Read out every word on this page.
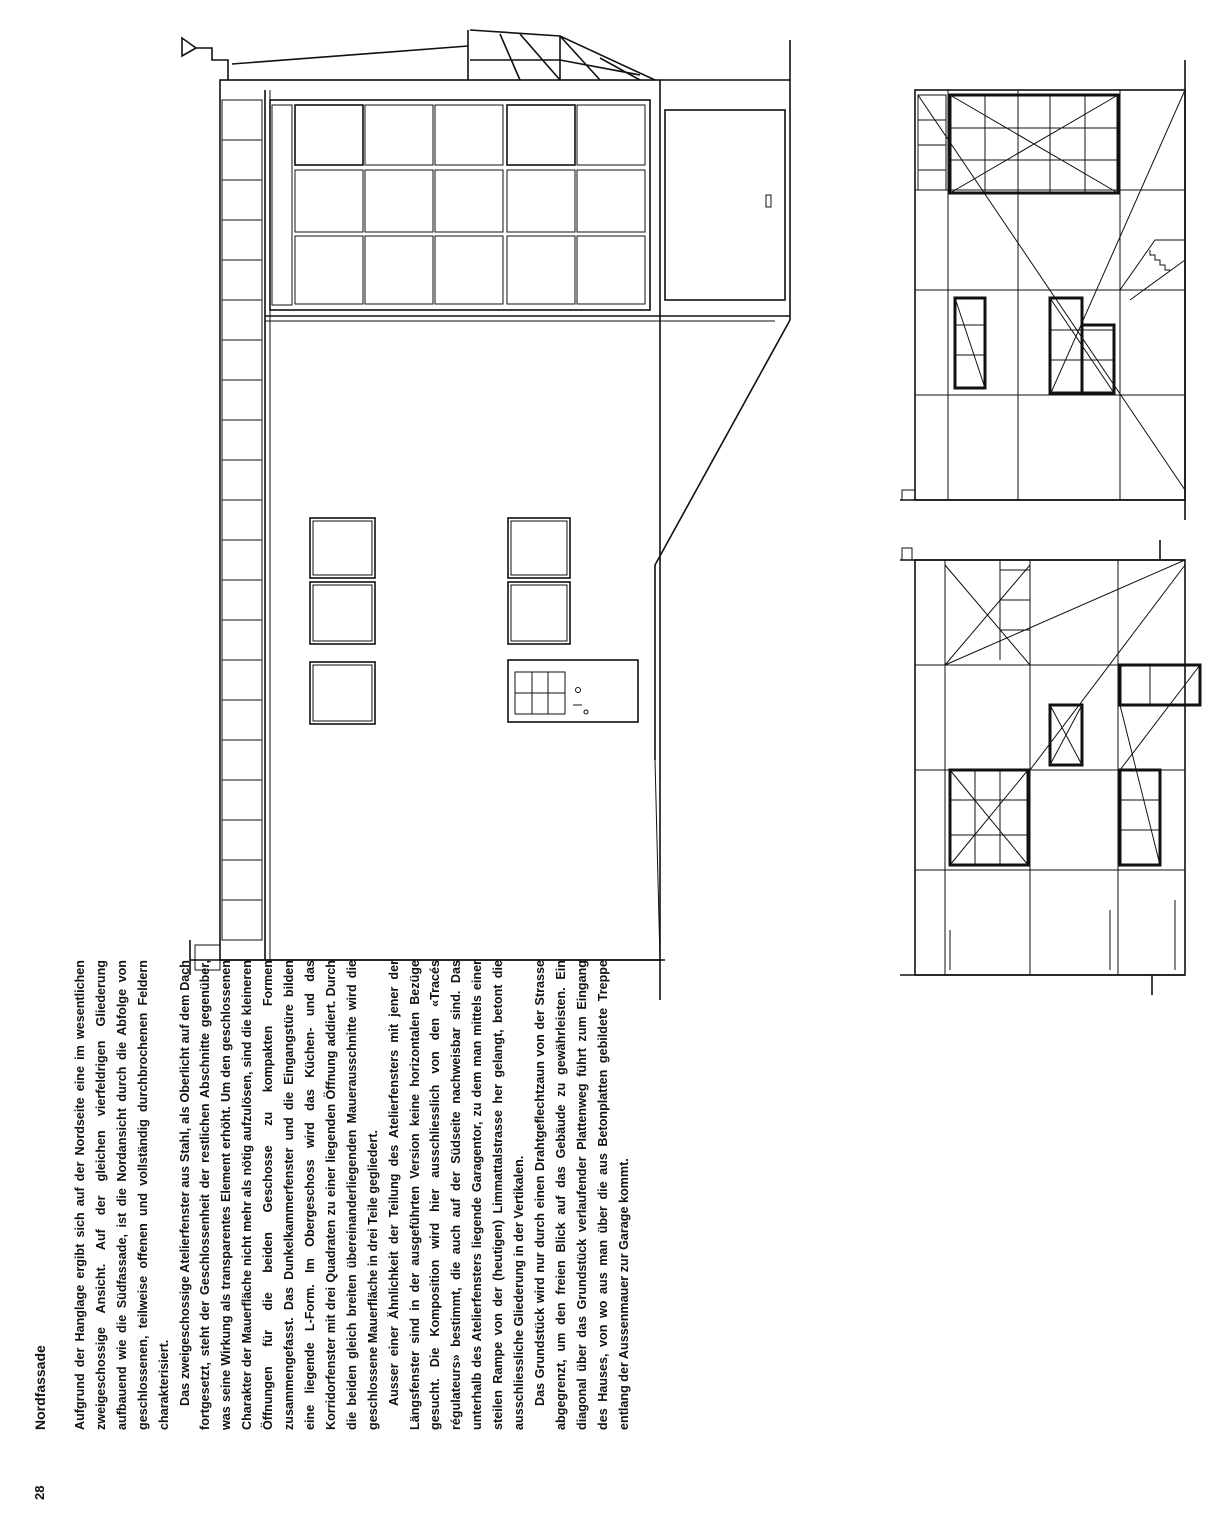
28
Nordfassade Aufgrund der Hanglage ergibt sich auf der Nordseite eine im wesentlichen zweigeschossige Ansicht. Auf der gleichen vierfeldrigen Gliederung aufbauend wie die Südfassade, ist die Nordansicht durch die Abfolge von geschlossenen, teilweise offenen und vollständig durchbrochenen Feldern charakterisiert. Das zweigeschossige Atelierfenster aus Stahl, als Oberlicht auf dem Dach fortgesetzt, steht der Geschlossenheit der restlichen Abschnitte gegenüber, was seine Wirkung als transparentes Element erhöht. Um den geschlossenen Charakter der Mauerfläche nicht mehr als nötig aufzulösen, sind die kleineren Öffnungen für die beiden Geschosse zu kompakten Formen zusammengefasst. Das Dunkelkammerfenster und die Eingangstüre bilden eine liegende L-Form. Im Obergeschoss wird das Küchen- und das Korridorfenster mit drei Quadraten zu einer liegenden Öffnung addiert. Durch die beiden gleich breiten übereinanderliegenden Mauerausschnitte wird die geschlossene Mauerfläche in drei Teile gegliedert. Ausser einer Ähnlichkeit der Teilung des Atelierfensters mit jener der Längsfenster sind in der ausgeführten Version keine horizontalen Bezüge gesucht. Die Komposition wird hier ausschliesslich von den «Tracés régulateurs» bestimmt, die auch auf der Südseite nachweisbar sind. Das unterhalb des Atelierfensters liegende Garagentor, zu dem man mittels einer steilen Rampe von der (heutigen) Limmattalstrasse her gelangt, betont die ausschliessliche Gliederung in der Vertikalen. Das Grundstück wird nur durch einen Drahtgeflechtzaun von der Strasse abgegrenzt, um den freien Blick auf das Gebäude zu gewährleisten. Ein diagonal über das Grundstück verlaufender Plattenweg führt zum Eingang des Hauses, von wo aus man über die aus Betonplatten gebildete Treppe entlang der Aussenmauer zur Garage kommt.
